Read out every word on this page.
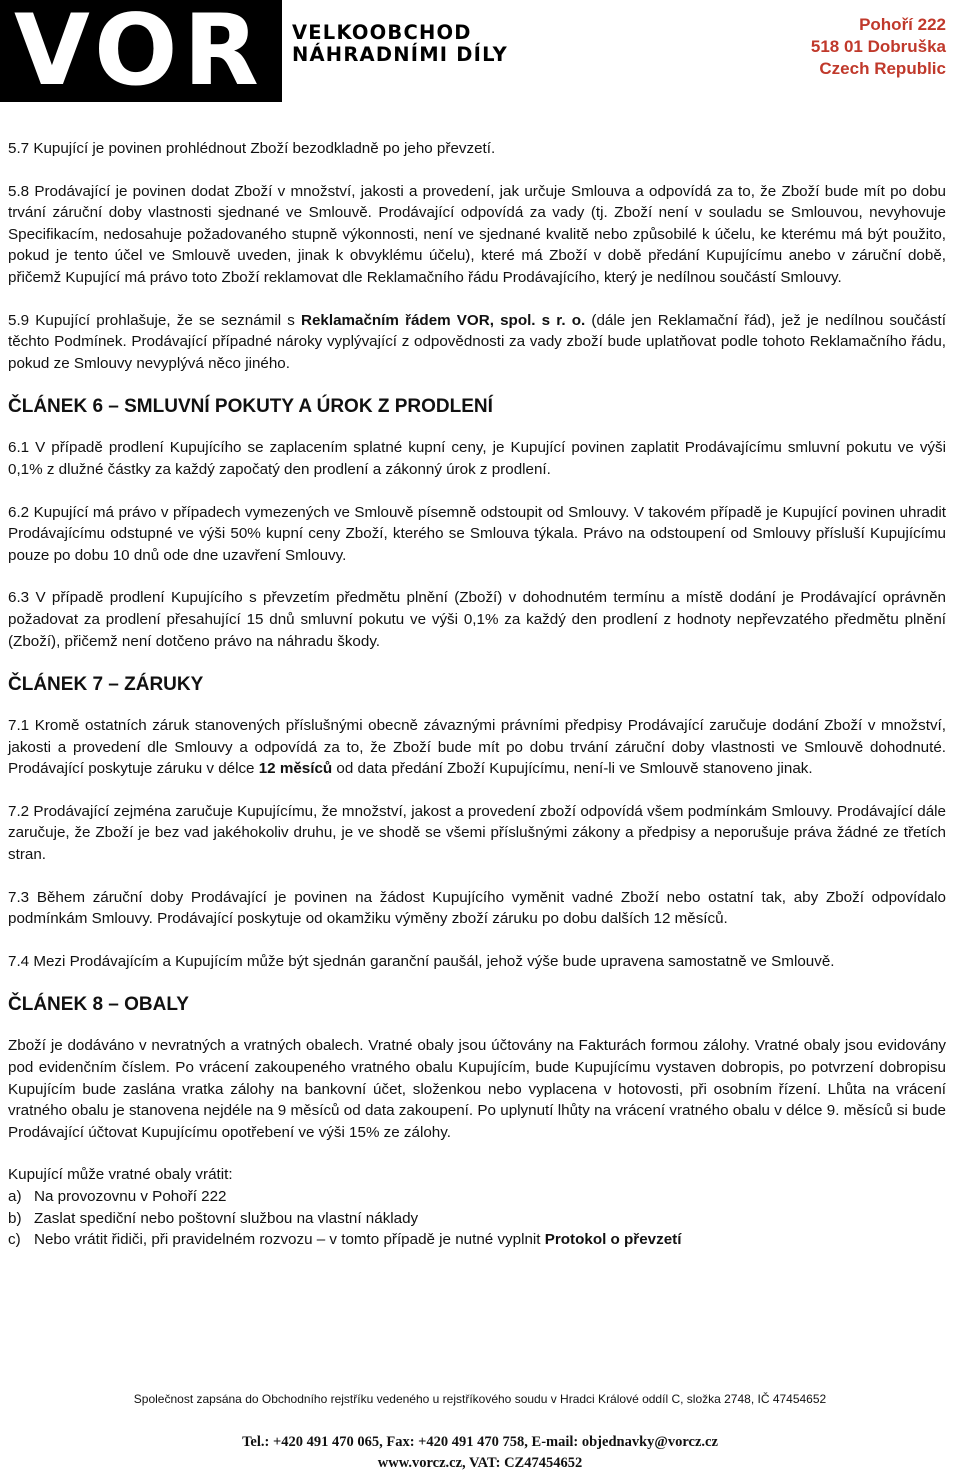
VOR VELKOOBCHOD
NÁHRADNÍMI DÍLY
Pohoří 222
518 01 Dobruška
Czech Republic

5.7 Kupující je povinen prohlédnout Zboží bezodkladně po jeho převzetí.

5.8 Prodávající je povinen dodat Zboží v množství, jakosti a provedení, jak určuje Smlouva a odpovídá za to, že Zboží bude mít po dobu trvání záruční doby vlastnosti sjednané ve Smlouvě. Prodávající odpovídá za vady (tj. Zboží není v souladu se Smlouvou, nevyhovuje Specifikacím, nedosahuje požadovaného stupně výkonnosti, není ve sjednané kvalitě nebo způsobilé k účelu, ke kterému má být použito, pokud je tento účel ve Smlouvě uveden, jinak k obvyklému účelu), které má Zboží v době předání Kupujícímu anebo v záruční době, přičemž Kupující má právo toto Zboží reklamovat dle Reklamačního řádu Prodávajícího, který je nedílnou součástí Smlouvy.

5.9 Kupující prohlašuje, že se seznámil s Reklamačním řádem VOR, spol. s r. o. (dále jen Reklamační řád), jež je nedílnou součástí těchto Podmínek. Prodávající případné nároky vyplývající z odpovědnosti za vady zboží bude uplatňovat podle tohoto Reklamačního řádu, pokud ze Smlouvy nevyplývá něco jiného.

ČLÁNEK 6 – SMLUVNÍ POKUTY A ÚROK Z PRODLENÍ

6.1 V případě prodlení Kupujícího se zaplacením splatné kupní ceny, je Kupující povinen zaplatit Prodávajícímu smluvní pokutu ve výši 0,1% z dlužné částky za každý započatý den prodlení a zákonný úrok z prodlení.

6.2 Kupující má právo v případech vymezených ve Smlouvě písemně odstoupit od Smlouvy. V takovém případě je Kupující povinen uhradit Prodávajícímu odstupné ve výši 50% kupní ceny Zboží, kterého se Smlouva týkala. Právo na odstoupení od Smlouvy přísluší Kupujícímu pouze po dobu 10 dnů ode dne uzavření Smlouvy.

6.3 V případě prodlení Kupujícího s převzetím předmětu plnění (Zboží) v dohodnutém termínu a místě dodání je Prodávající oprávněn požadovat za prodlení přesahující 15 dnů smluvní pokutu ve výši 0,1% za každý den prodlení z hodnoty nepřevzatého předmětu plnění (Zboží), přičemž není dotčeno právo na náhradu škody.

ČLÁNEK 7 – ZÁRUKY

7.1 Kromě ostatních záruk stanovených příslušnými obecně závaznými právními předpisy Prodávající zaručuje dodání Zboží v množství, jakosti a provedení dle Smlouvy a odpovídá za to, že Zboží bude mít po dobu trvání záruční doby vlastnosti ve Smlouvě dohodnuté. Prodávající poskytuje záruku v délce 12 měsíců od data předání Zboží Kupujícímu, není-li ve Smlouvě stanoveno jinak.

7.2 Prodávající zejména zaručuje Kupujícímu, že množství, jakost a provedení zboží odpovídá všem podmínkám Smlouvy. Prodávající dále zaručuje, že Zboží je bez vad jakéhokoliv druhu, je ve shodě se všemi příslušnými zákony a předpisy a neporušuje práva žádné ze třetích stran.

7.3 Během záruční doby Prodávající je povinen na žádost Kupujícího vyměnit vadné Zboží nebo ostatní tak, aby Zboží odpovídalo podmínkám Smlouvy. Prodávající poskytuje od okamžiku výměny zboží záruku po dobu dalších 12 měsíců.

7.4 Mezi Prodávajícím a Kupujícím může být sjednán garanční paušál, jehož výše bude upravena samostatně ve Smlouvě.

ČLÁNEK 8 – OBALY

Zboží je dodáváno v nevratných a vratných obalech. Vratné obaly jsou účtovány na Fakturách formou zálohy. Vratné obaly jsou evidovány pod evidenčním číslem. Po vrácení zakoupeného vratného obalu Kupujícím, bude Kupujícímu vystaven dobropis, po potvrzení dobropisu Kupujícím bude zaslána vratka zálohy na bankovní účet, složenkou nebo vyplacena v hotovosti, při osobním řízení. Lhůta na vrácení vratného obalu je stanovena nejdéle na 9 měsíců od data zakoupení. Po uplynutí lhůty na vrácení vratného obalu v délce 9. měsíců si bude Prodávající účtovat Kupujícímu opotřebení ve výši 15% ze zálohy.

Kupující může vratné obaly vrátit:

a) Na provozovnu v Pohoří 222
b) Zaslat spediční nebo poštovní službou na vlastní náklady
c) Nebo vrátit řidiči, při pravidelném rozvozu – v tomto případě je nutné vyplnit Protokol o převzetí
Společnost zapsána do Obchodního rejstříku vedeného u rejstříkového soudu v Hradci Králové oddíl C, složka 2748, IČ 47454652
Tel.: +420 491 470 065, Fax: +420 491 470 758, E-mail: objednavky@vorcz.cz
www.vorcz.cz, VAT: CZ47454652
